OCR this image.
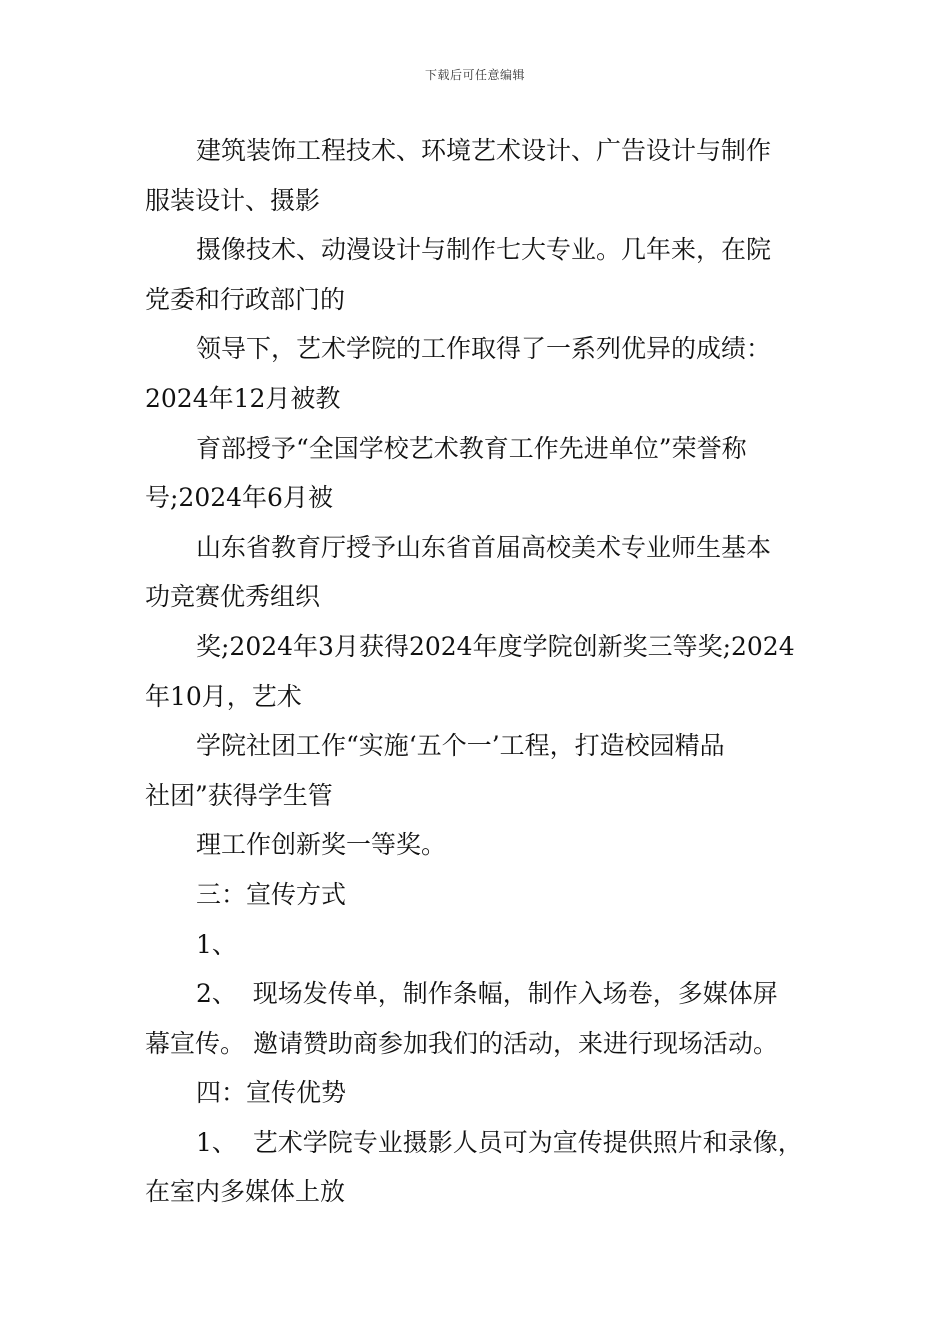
下载后可任意编辑

建筑装饰工程技术、环境艺术设计、广告设计与制作

服装设计、摄影

摄像技术、动漫设计与制作七大专业。几年来，在院

党委和行政部门的

领导下，艺术学院的工作取得了一系列优异的成绩：

2024年12月被教

育部授予“全国学校艺术教育工作先进单位”荣誉称

号;2024年6月被

山东省教育厅授予山东省首届高校美术专业师生基本

功竞赛优秀组织

奖;2024年3月获得2024年度学院创新奖三等奖;2024

年10月，艺术

学院社团工作“实施‘五个一’工程，打造校园精品

社团”获得学生管

理工作创新奖一等奖。

三：宣传方式

1、

2、  现场发传单，制作条幅，制作入场卷，多媒体屏

幕宣传。 邀请赞助商参加我们的活动，来进行现场活动。

四：宣传优势

1、  艺术学院专业摄影人员可为宣传提供照片和录像，

在室内多媒体上放
